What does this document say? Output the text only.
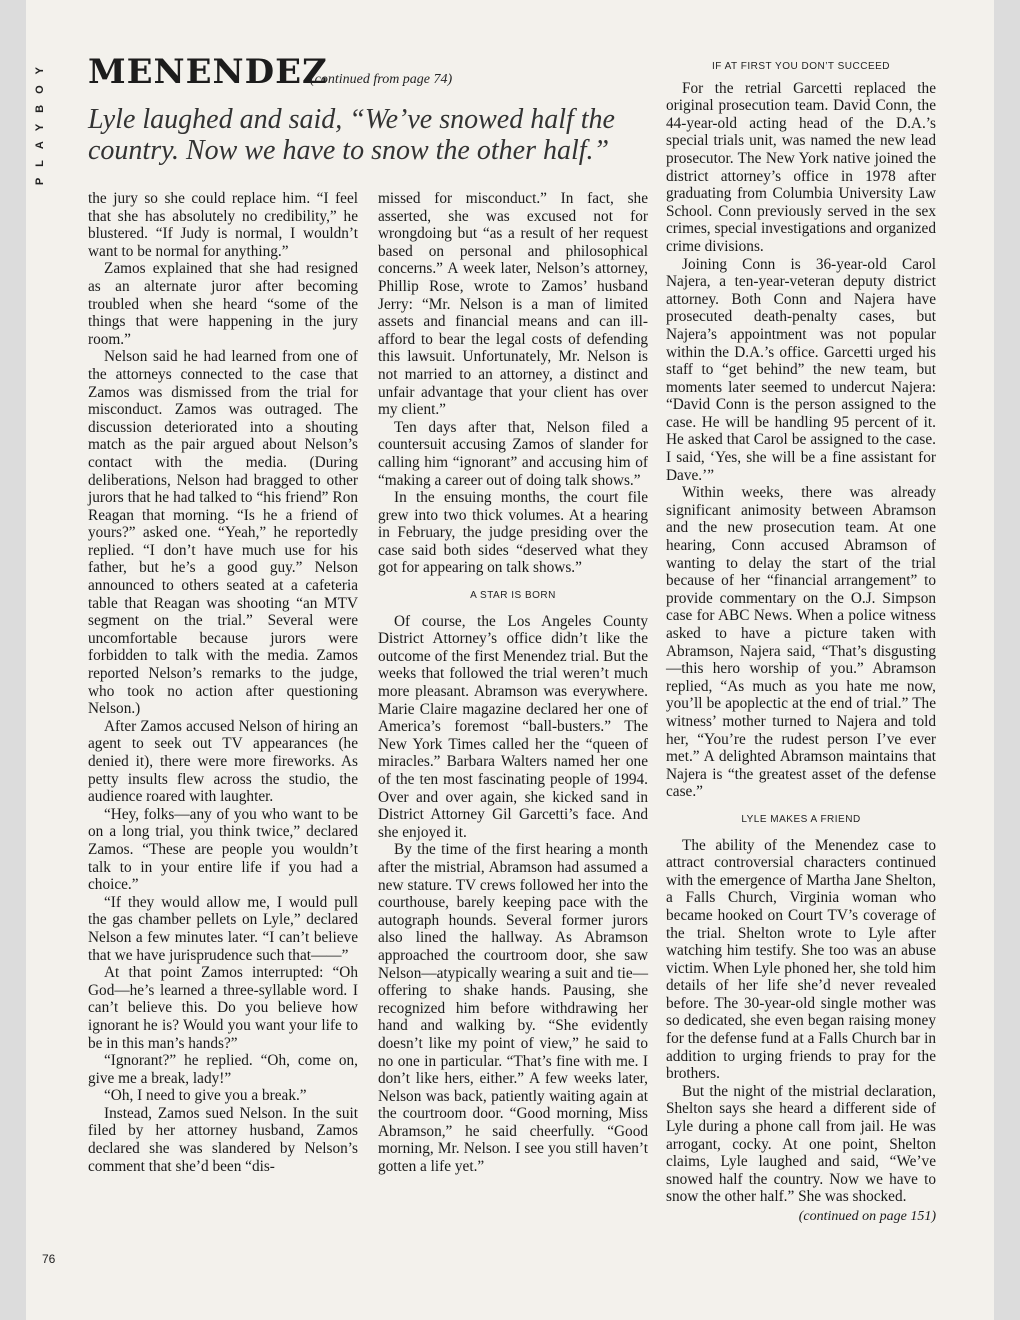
PLAYBOY	MENENDEZ
(continued from page 74)
Lyle laughed and said, “We’ve snowed half the country. Now we have to snow the other half.”

the jury so she could replace him. “I feel that she has absolutely no credibility,” he blustered. “If Judy is normal, I wouldn’t want to be normal for anything.”

Zamos explained that she had resigned as an alternate juror after becoming troubled when she heard “some of the things that were happening in the jury room.”

Nelson said he had learned from one of the attorneys connected to the case that Zamos was dismissed from the trial for misconduct. Zamos was outraged. The discussion deteriorated into a shouting match as the pair argued about Nelson’s contact with the media. (During deliberations, Nelson had bragged to other jurors that he had talked to “his friend” Ron Reagan that morning. “Is he a friend of yours?” asked one. “Yeah,” he reportedly replied. “I don’t have much use for his father, but he’s a good guy.” Nelson announced to others seated at a cafeteria table that Reagan was shooting “an MTV segment on the trial.” Several were uncomfortable because jurors were forbidden to talk with the media. Zamos reported Nelson’s remarks to the judge, who took no action after questioning Nelson.)

After Zamos accused Nelson of hiring an agent to seek out TV appearances (he denied it), there were more fireworks. As petty insults flew across the studio, the audience roared with laughter.

“Hey, folks—any of you who want to be on a long trial, you think twice,” declared Zamos. “These are people you wouldn’t talk to in your entire life if you had a choice.”

“If they would allow me, I would pull the gas chamber pellets on Lyle,” declared Nelson a few minutes later. “I can’t believe that we have jurisprudence such that——”

At that point Zamos interrupted: “Oh God—he’s learned a three-syllable word. I can’t believe this. Do you believe how ignorant he is? Would you want your life to be in this man’s hands?”

“Ignorant?” he replied. “Oh, come on, give me a break, lady!”

“Oh, I need to give you a break.”

Instead, Zamos sued Nelson. In the suit filed by her attorney husband, Zamos declared she was slandered by Nelson’s comment that she’d been “dis-

missed for misconduct.” In fact, she asserted, she was excused not for wrongdoing but “as a result of her request based on personal and philosophical concerns.” A week later, Nelson’s attorney, Phillip Rose, wrote to Zamos’ husband Jerry: “Mr. Nelson is a man of limited assets and financial means and can ill-afford to bear the legal costs of defending this lawsuit. Unfortunately, Mr. Nelson is not married to an attorney, a distinct and unfair advantage that your client has over my client.”

Ten days after that, Nelson filed a countersuit accusing Zamos of slander for calling him “ignorant” and accusing him of “making a career out of doing talk shows.”

In the ensuing months, the court file grew into two thick volumes. At a hearing in February, the judge presiding over the case said both sides “deserved what they got for appearing on talk shows.”

A STAR IS BORN

Of course, the Los Angeles County District Attorney’s office didn’t like the outcome of the first Menendez trial. But the weeks that followed the trial weren’t much more pleasant. Abramson was everywhere. Marie Claire magazine declared her one of America’s foremost “ball-busters.” The New York Times called her the “queen of miracles.” Barbara Walters named her one of the ten most fascinating people of 1994. Over and over again, she kicked sand in District Attorney Gil Garcetti’s face. And she enjoyed it.

By the time of the first hearing a month after the mistrial, Abramson had assumed a new stature. TV crews followed her into the courthouse, barely keeping pace with the autograph hounds. Several former jurors also lined the hallway. As Abramson approached the courtroom door, she saw Nelson—atypically wearing a suit and tie—offering to shake hands. Pausing, she recognized him before withdrawing her hand and walking by. “She evidently doesn’t like my point of view,” he said to no one in particular. “That’s fine with me. I don’t like hers, either.” A few weeks later, Nelson was back, patiently waiting again at the courtroom door. “Good morning, Miss Abramson,” he said cheerfully. “Good morning, Mr. Nelson. I see you still haven’t gotten a life yet.”

IF AT FIRST YOU DON’T SUCCEED

For the retrial Garcetti replaced the original prosecution team. David Conn, the 44-year-old acting head of the D.A.’s special trials unit, was named the new lead prosecutor. The New York native joined the district attorney’s office in 1978 after graduating from Columbia University Law School. Conn previously served in the sex crimes, special investigations and organized crime divisions.

Joining Conn is 36-year-old Carol Najera, a ten-year-veteran deputy district attorney. Both Conn and Najera have prosecuted death-penalty cases, but Najera’s appointment was not popular within the D.A.’s office. Garcetti urged his staff to “get behind” the new team, but moments later seemed to undercut Najera: “David Conn is the person assigned to the case. He will be handling 95 percent of it. He asked that Carol be assigned to the case. I said, ‘Yes, she will be a fine assistant for Dave.’”

Within weeks, there was already significant animosity between Abramson and the new prosecution team. At one hearing, Conn accused Abramson of wanting to delay the start of the trial because of her “financial arrangement” to provide commentary on the O.J. Simpson case for ABC News. When a police witness asked to have a picture taken with Abramson, Najera said, “That’s disgusting—this hero worship of you.” Abramson replied, “As much as you hate me now, you’ll be apoplectic at the end of trial.” The witness’ mother turned to Najera and told her, “You’re the rudest person I’ve ever met.” A delighted Abramson maintains that Najera is “the greatest asset of the defense case.”

LYLE MAKES A FRIEND

The ability of the Menendez case to attract controversial characters continued with the emergence of Martha Jane Shelton, a Falls Church, Virginia woman who became hooked on Court TV’s coverage of the trial. Shelton wrote to Lyle after watching him testify. She too was an abuse victim. When Lyle phoned her, she told him details of her life she’d never revealed before. The 30-year-old single mother was so dedicated, she even began raising money for the defense fund at a Falls Church bar in addition to urging friends to pray for the brothers.

But the night of the mistrial declaration, Shelton says she heard a different side of Lyle during a phone call from jail. He was arrogant, cocky. At one point, Shelton claims, Lyle laughed and said, “We’ve snowed half the country. Now we have to snow the other half.” She was shocked.

(continued on page 151)
76
